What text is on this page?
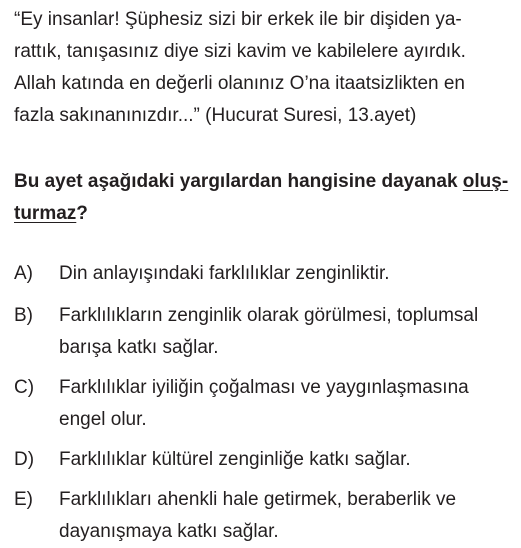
“Ey insanlar! Şüphesiz sizi bir erkek ile bir dişiden ya-
rattık, tanışasınız diye sizi kavim ve kabilelere ayırdık.
Allah katında en değerli olanınız O’na itaatsizlikten en
fazla sakınanınızdır...” (Hucurat Suresi, 13.ayet)
Bu ayet aşağıdaki yargılardan hangisine dayanak oluş-
turmaz?
A)	Din anlayışındaki farklılıklar zenginliktir.
B)	Farklılıkların zenginlik olarak görülmesi, toplumsal
barışa katkı sağlar.
C)	Farklılıklar iyiliğin çoğalması ve yaygınlaşmasına
engel olur.
D)	Farklılıklar kültürel zenginliğe katkı sağlar.
E)	Farklılıkları ahenkli hale getirmek, beraberlik ve
dayanışmaya katkı sağlar.
